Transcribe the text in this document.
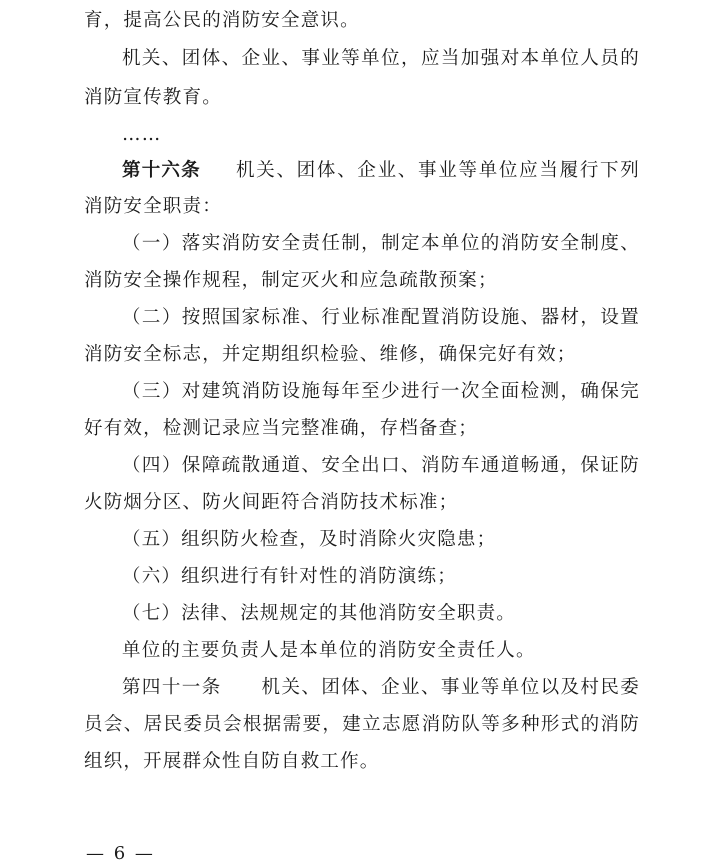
育，提高公民的消防安全意识。
机关、团体、企业、事业等单位，应当加强对本单位人员的
消防宣传教育。
……
第十六条 机关、团体、企业、事业等单位应当履行下列
消防安全职责：
（一）落实消防安全责任制，制定本单位的消防安全制度、
消防安全操作规程，制定灭火和应急疏散预案；
（二）按照国家标准、行业标准配置消防设施、器材，设置
消防安全标志，并定期组织检验、维修，确保完好有效；
（三）对建筑消防设施每年至少进行一次全面检测，确保完
好有效，检测记录应当完整准确，存档备查；
（四）保障疏散通道、安全出口、消防车通道畅通，保证防
火防烟分区、防火间距符合消防技术标准；
（五）组织防火检查，及时消除火灾隐患；
（六）组织进行有针对性的消防演练；
（七）法律、法规规定的其他消防安全职责。
单位的主要负责人是本单位的消防安全责任人。
第四十一条　　机关、团体、企业、事业等单位以及村民委
员会、居民委员会根据需要，建立志愿消防队等多种形式的消防
组织，开展群众性自防自救工作。
— 6 —
